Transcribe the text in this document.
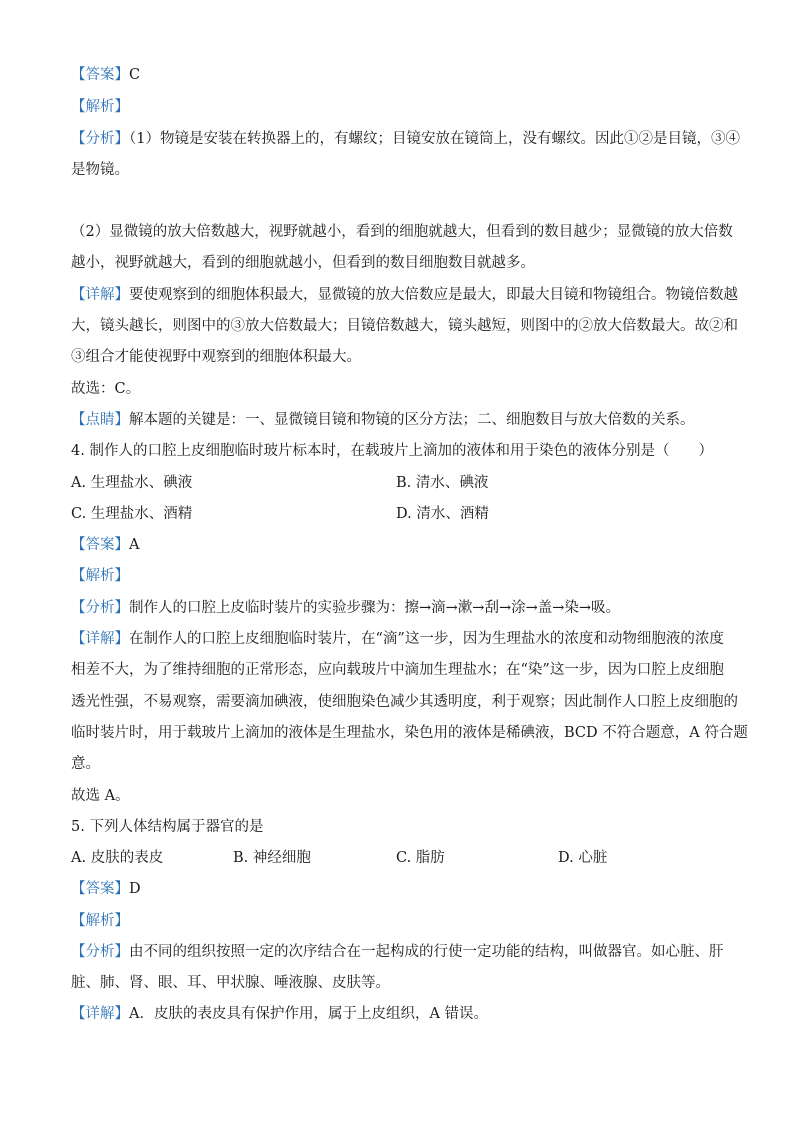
【答案】C
【解析】
【分析】（1）物镜是安装在转换器上的，有螺纹；目镜安放在镜筒上，没有螺纹。因此①②是目镜，③④
是物镜。
（2）显微镜的放大倍数越大，视野就越小，看到的细胞就越大，但看到的数目越少；显微镜的放大倍数
越小，视野就越大，看到的细胞就越小，但看到的数目细胞数目就越多。
【详解】要使观察到的细胞体积最大，显微镜的放大倍数应是最大，即最大目镜和物镜组合。物镜倍数越
大，镜头越长，则图中的③放大倍数最大；目镜倍数越大，镜头越短，则图中的②放大倍数最大。故②和
③组合才能使视野中观察到的细胞体积最大。
故选：C。
【点睛】解本题的关键是：一、显微镜目镜和物镜的区分方法；二、细胞数目与放大倍数的关系。
4. 制作人的口腔上皮细胞临时玻片标本时，在载玻片上滴加的液体和用于染色的液体分别是（　　）
A. 生理盐水、碘液	B. 清水、碘液
C. 生理盐水、酒精	D. 清水、酒精
【答案】A
【解析】
【分析】制作人的口腔上皮临时装片的实验步骤为：擦→滴→漱→刮→涂→盖→染→吸。
【详解】在制作人的口腔上皮细胞临时装片，在“滴”这一步，因为生理盐水的浓度和动物细胞液的浓度
相差不大，为了维持细胞的正常形态，应向载玻片中滴加生理盐水；在“染”这一步，因为口腔上皮细胞
透光性强，不易观察，需要滴加碘液，使细胞染色减少其透明度，利于观察；因此制作人口腔上皮细胞的
临时装片时，用于载玻片上滴加的液体是生理盐水，染色用的液体是稀碘液，BCD 不符合题意，A 符合题
意。
故选 A。
5. 下列人体结构属于器官的是
A. 皮肤的表皮	B. 神经细胞	C. 脂肪	D. 心脏
【答案】D
【解析】
【分析】由不同的组织按照一定的次序结合在一起构成的行使一定功能的结构，叫做器官。如心脏、肝
脏、肺、肾、眼、耳、甲状腺、唾液腺、皮肤等。
【详解】A．皮肤的表皮具有保护作用，属于上皮组织，A 错误。
